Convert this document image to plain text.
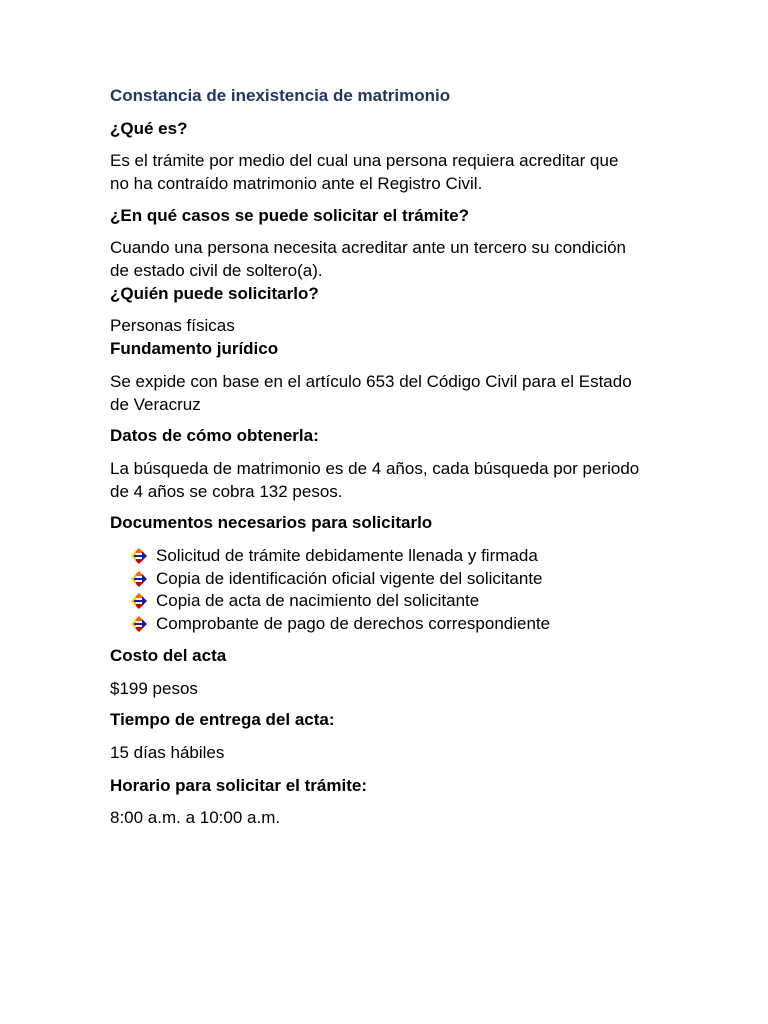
Constancia de inexistencia de matrimonio
¿Qué es?
Es el trámite por medio del cual una persona requiera acreditar que
no ha contraído matrimonio ante el Registro Civil.
¿En qué casos se puede solicitar el trámite?
Cuando una persona necesita acreditar ante un tercero su condición
de estado civil de soltero(a).
¿Quién puede solicitarlo?
Personas físicas
Fundamento jurídico
Se expide con base en el artículo 653 del Código Civil para el Estado
de Veracruz
Datos de cómo obtenerla:
La búsqueda de matrimonio es de 4 años, cada búsqueda por periodo
de 4 años se cobra 132 pesos.
Documentos necesarios para solicitarlo
Solicitud de trámite debidamente llenada y firmada
Copia de identificación oficial vigente del solicitante
Copia de acta de nacimiento del solicitante
Comprobante de pago de derechos correspondiente
Costo del acta
$199 pesos
Tiempo de entrega del acta:
15 días hábiles
Horario para solicitar el trámite:
8:00 a.m. a 10:00 a.m.
